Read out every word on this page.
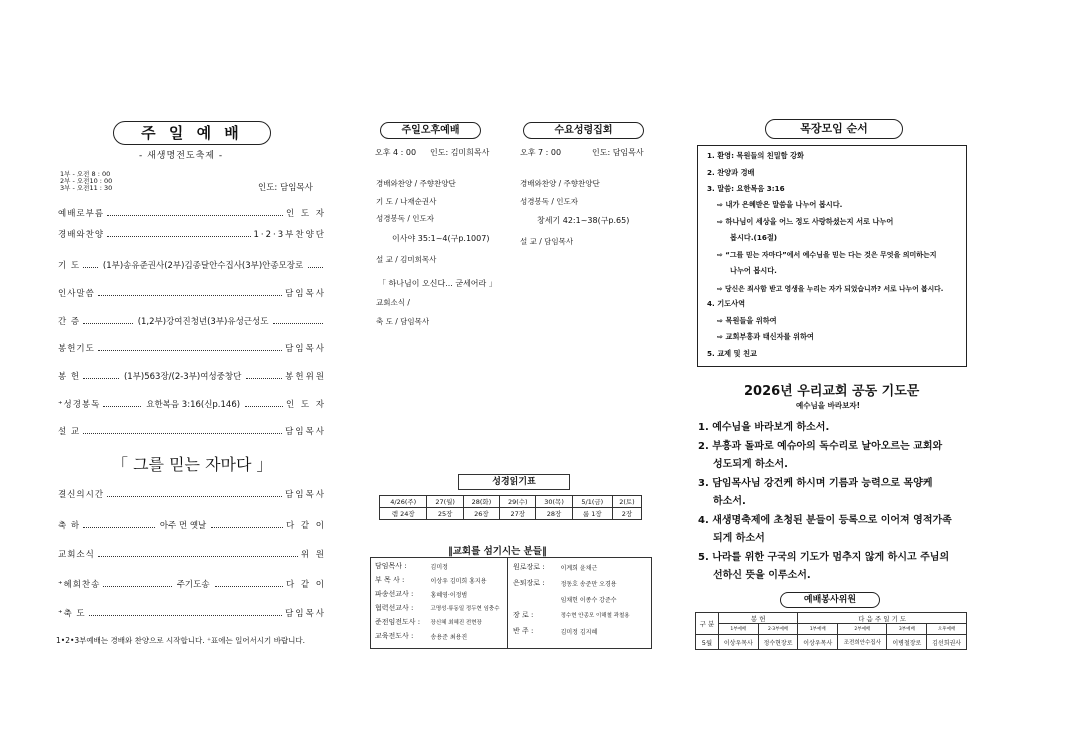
주 일 예 배
- 새생명전도축제 -
1부 - 오전 8 : 00
2부 - 오전10 : 00
3부 - 오전11 : 30	인도: 담임목사
예배로부름	인 도 자
경배와찬양	1·2·3부찬양단
기 도	(1부)송유준권사(2부)김종달안수집사(3부)안종모장로
인사말씀	담임목사
간 증	(1,2부)강여진청년(3부)유성근성도
봉헌기도	담임목사
봉 헌	(1부)563장/(2-3부)여성중창단	봉헌위원
⁺성경봉독	요한복음 3:16(신p.146)	인 도 자
설 교	담임목사
「 그를 믿는 자마다 」
결신의시간	담임목사
축 하	아주 먼 옛날	다 같 이
교회소식	위 원
⁺헤회찬송	주기도송	다 같 이
⁺축 도	담임목사
1•2•3부예배는 경배와 찬양으로 시작합니다. ⁺표에는 일어서시기 바랍니다.
주일오후예배	수요성령집회
오후 4 : 00 인도: 김미희목사	오후 7 : 00	인도: 담임목사
경배와찬양 / 주향찬양단
기 도 / 나재순권사
성경봉독 / 인도자
이사야 35:1~4(구p.1007)
설 교 / 김미희목사
「 하나님이 오신다... 굳세어라 」
교회소식 /
축 도 / 담임목사
경배와찬양 / 주향찬양단
성경봉독 / 인도자
창세기 42:1~38(구p.65)
설 교 / 담임목사
성경읽기표
4/26(주)	27(월)	28(화)	29(수)	30(목)	5/1(금)	2(토)
렘 24장	25장	26장	27장	28장	룸 1장	2장
‖교회를 섬기시는 분들‖
담임목사 :	김미정
부 목 사 :	이상우 김미희 홍지용
파송선교사 :	홍혜영·이정범
협력선교사 :	고명성·류동일 정두현 임충수
준전임전도사 :	장신혜 최혜진 전현장
교육전도사 :	송용준 최용진
원로장로 :	이계희 윤채근
은퇴장로 :	정동호 송준만 오경용
	임채헌 이종수 강준수
장 로 :	정수현 안종모 이해철 곽철용
반 주 :	김미정 김지혜
목장모임 순서
1. 환영: 목원들의 친밀함 강화
2. 찬양과 경배
3. 말씀: 요한복음 3:16
⇨ 내가 은혜받은 말씀을 나누어 봅시다.
⇨ 하나님이 세상을 어느 정도 사랑하셨는지 서로 나누어
봅시다.(16절)
⇨ “그를 믿는 자마다”에서 예수님을 믿는 다는 것은 무엇을 의미하는지
나누어 봅시다.
⇨ 당신은 죄사함 받고 영생을 누리는 자가 되었습니까? 서로 나누어 봅시다.
4. 기도사역
⇨ 목원들을 위하여
⇨ 교회부흥과 태신자를 위하여
5. 교제 및 친교
2026년 우리교회 공동 기도문
예수님을 바라보자!
1. 예수님을 바라보게 하소서.
2. 부흥과 돌파로 예슈아의 독수리로 날아오르는 교회와
성도되게 하소서.
3. 담임목사님 강건케 하시며 기름과 능력으로 목양케
하소서.
4. 새생명축제에 초청된 분들이 등록으로 이어져 영적가족
되게 하소서
5. 나라를 위한 구국의 기도가 멈추지 않게 하시고 주님의
선하신 뜻을 이루소서.
예배봉사위원
구 분	봉 헌		다 음 주 일 기 도			
	1부예배	2·3부예배	1부예배	2부예배	3부예배	오후예배
5월	이상우목사	정수현장로	이상우목사	조전희안수집사	이병철장로	김선희권사
